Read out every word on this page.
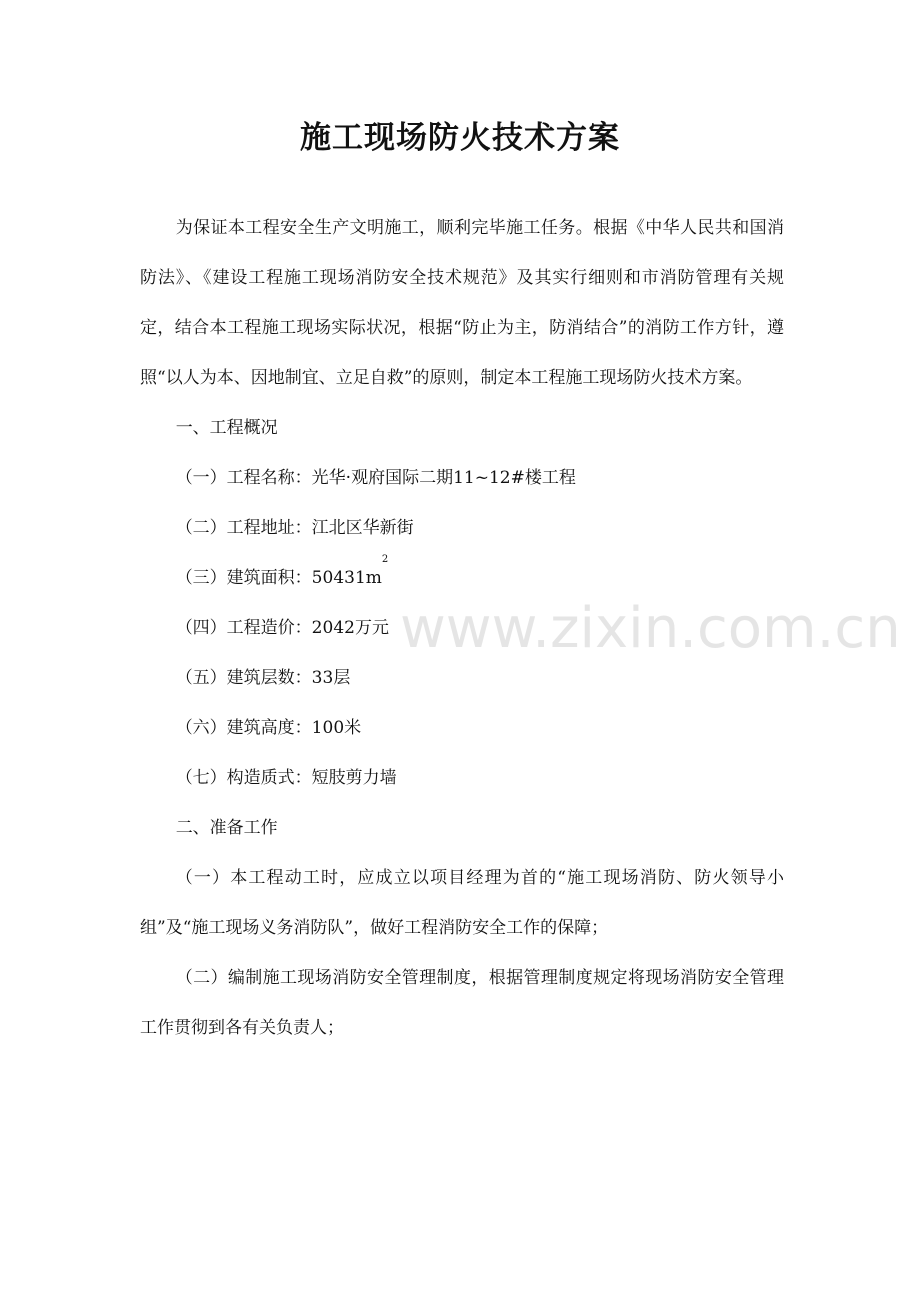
施工现场防火技术方案

为保证本工程安全生产文明施工，顺利完毕施工任务。根据《中华人民共和国消防法》、《建设工程施工现场消防安全技术规范》及其实行细则和市消防管理有关规定，结合本工程施工现场实际状况，根据“防止为主，防消结合”的消防工作方针，遵照“以人为本、因地制宜、立足自救”的原则，制定本工程施工现场防火技术方案。

一、工程概况

（一）工程名称：光华·观府国际二期11~12#楼工程

（二）工程地址：江北区华新街

（三）建筑面积：$50431m^2$

（四）工程造价：2042万元

（五）建筑层数：33层

（六）建筑高度：100米

（七）构造质式：短肢剪力墙

二、准备工作

（一）本工程动工时，应成立以项目经理为首的“施工现场消防、防火领导小组”及“施工现场义务消防队”，做好工程消防安全工作的保障；

（二）编制施工现场消防安全管理制度，根据管理制度规定将现场消防安全管理工作贯彻到各有关负责人；

www.zixin.com.cn
